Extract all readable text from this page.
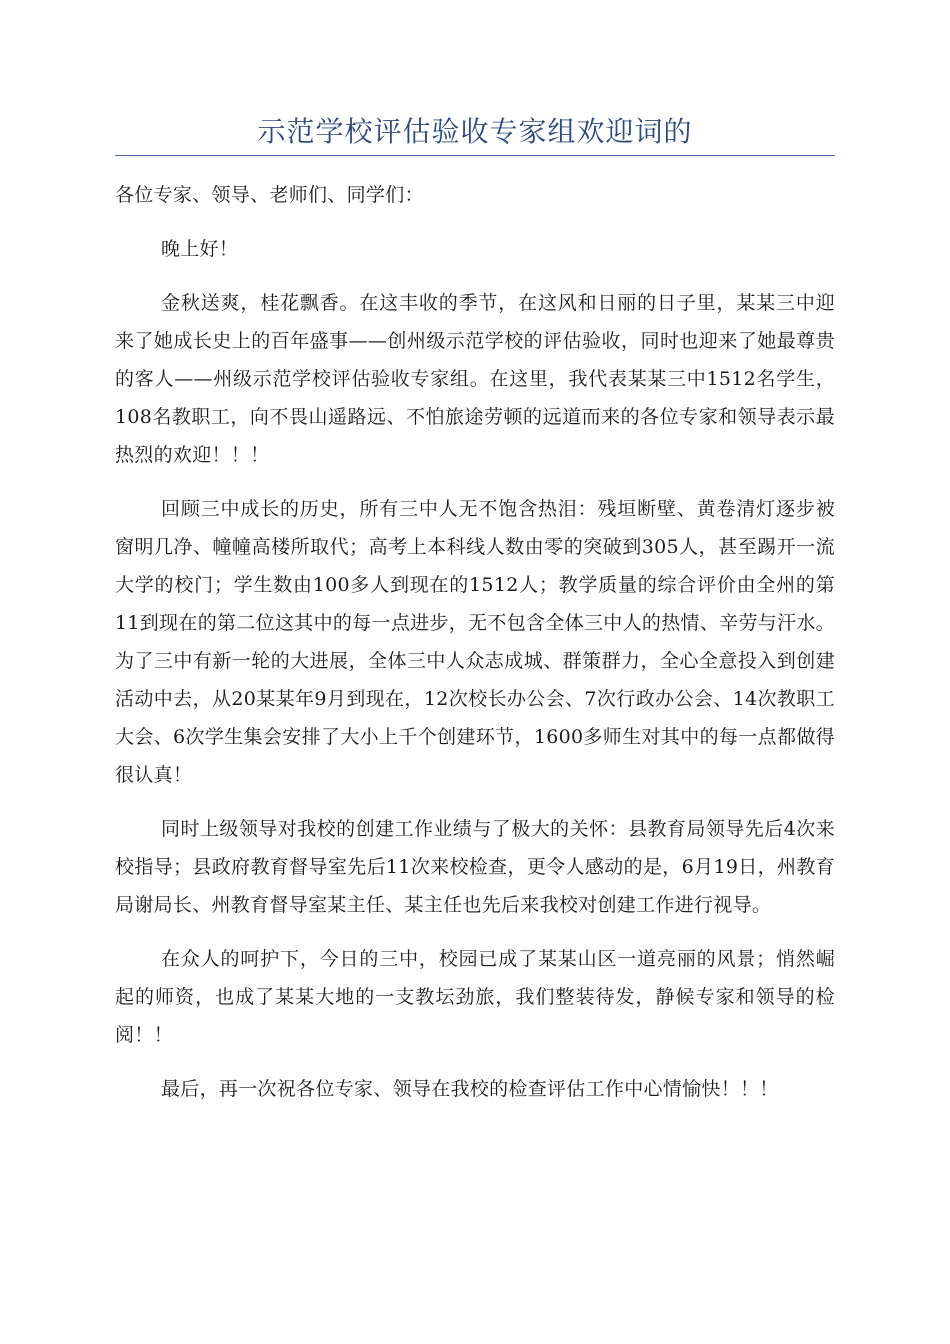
示范学校评估验收专家组欢迎词的

各位专家、领导、老师们、同学们：

晚上好！

金秋送爽，桂花飘香。在这丰收的季节，在这风和日丽的日子里，某某三中迎来了她成长史上的百年盛事——创州级示范学校的评估验收，同时也迎来了她最尊贵的客人——州级示范学校评估验收专家组。在这里，我代表某某三中1512名学生，108名教职工，向不畏山遥路远、不怕旅途劳顿的远道而来的各位专家和领导表示最热烈的欢迎！！！

回顾三中成长的历史，所有三中人无不饱含热泪：残垣断壁、黄卷清灯逐步被窗明几净、幢幢高楼所取代；高考上本科线人数由零的突破到305人，甚至踢开一流大学的校门；学生数由100多人到现在的1512人；教学质量的综合评价由全州的第11到现在的第二位这其中的每一点进步，无不包含全体三中人的热情、辛劳与汗水。为了三中有新一轮的大进展，全体三中人众志成城、群策群力，全心全意投入到创建活动中去，从20某某年9月到现在，12次校长办公会、7次行政办公会、14次教职工大会、6次学生集会安排了大小上千个创建环节，1600多师生对其中的每一点都做得很认真！

同时上级领导对我校的创建工作业绩与了极大的关怀：县教育局领导先后4次来校指导；县政府教育督导室先后11次来校检查，更令人感动的是，6月19日，州教育局谢局长、州教育督导室某主任、某主任也先后来我校对创建工作进行视导。

在众人的呵护下，今日的三中，校园已成了某某山区一道亮丽的风景；悄然崛起的师资，也成了某某大地的一支教坛劲旅，我们整装待发，静候专家和领导的检阅！！

最后，再一次祝各位专家、领导在我校的检查评估工作中心情愉快！！！
